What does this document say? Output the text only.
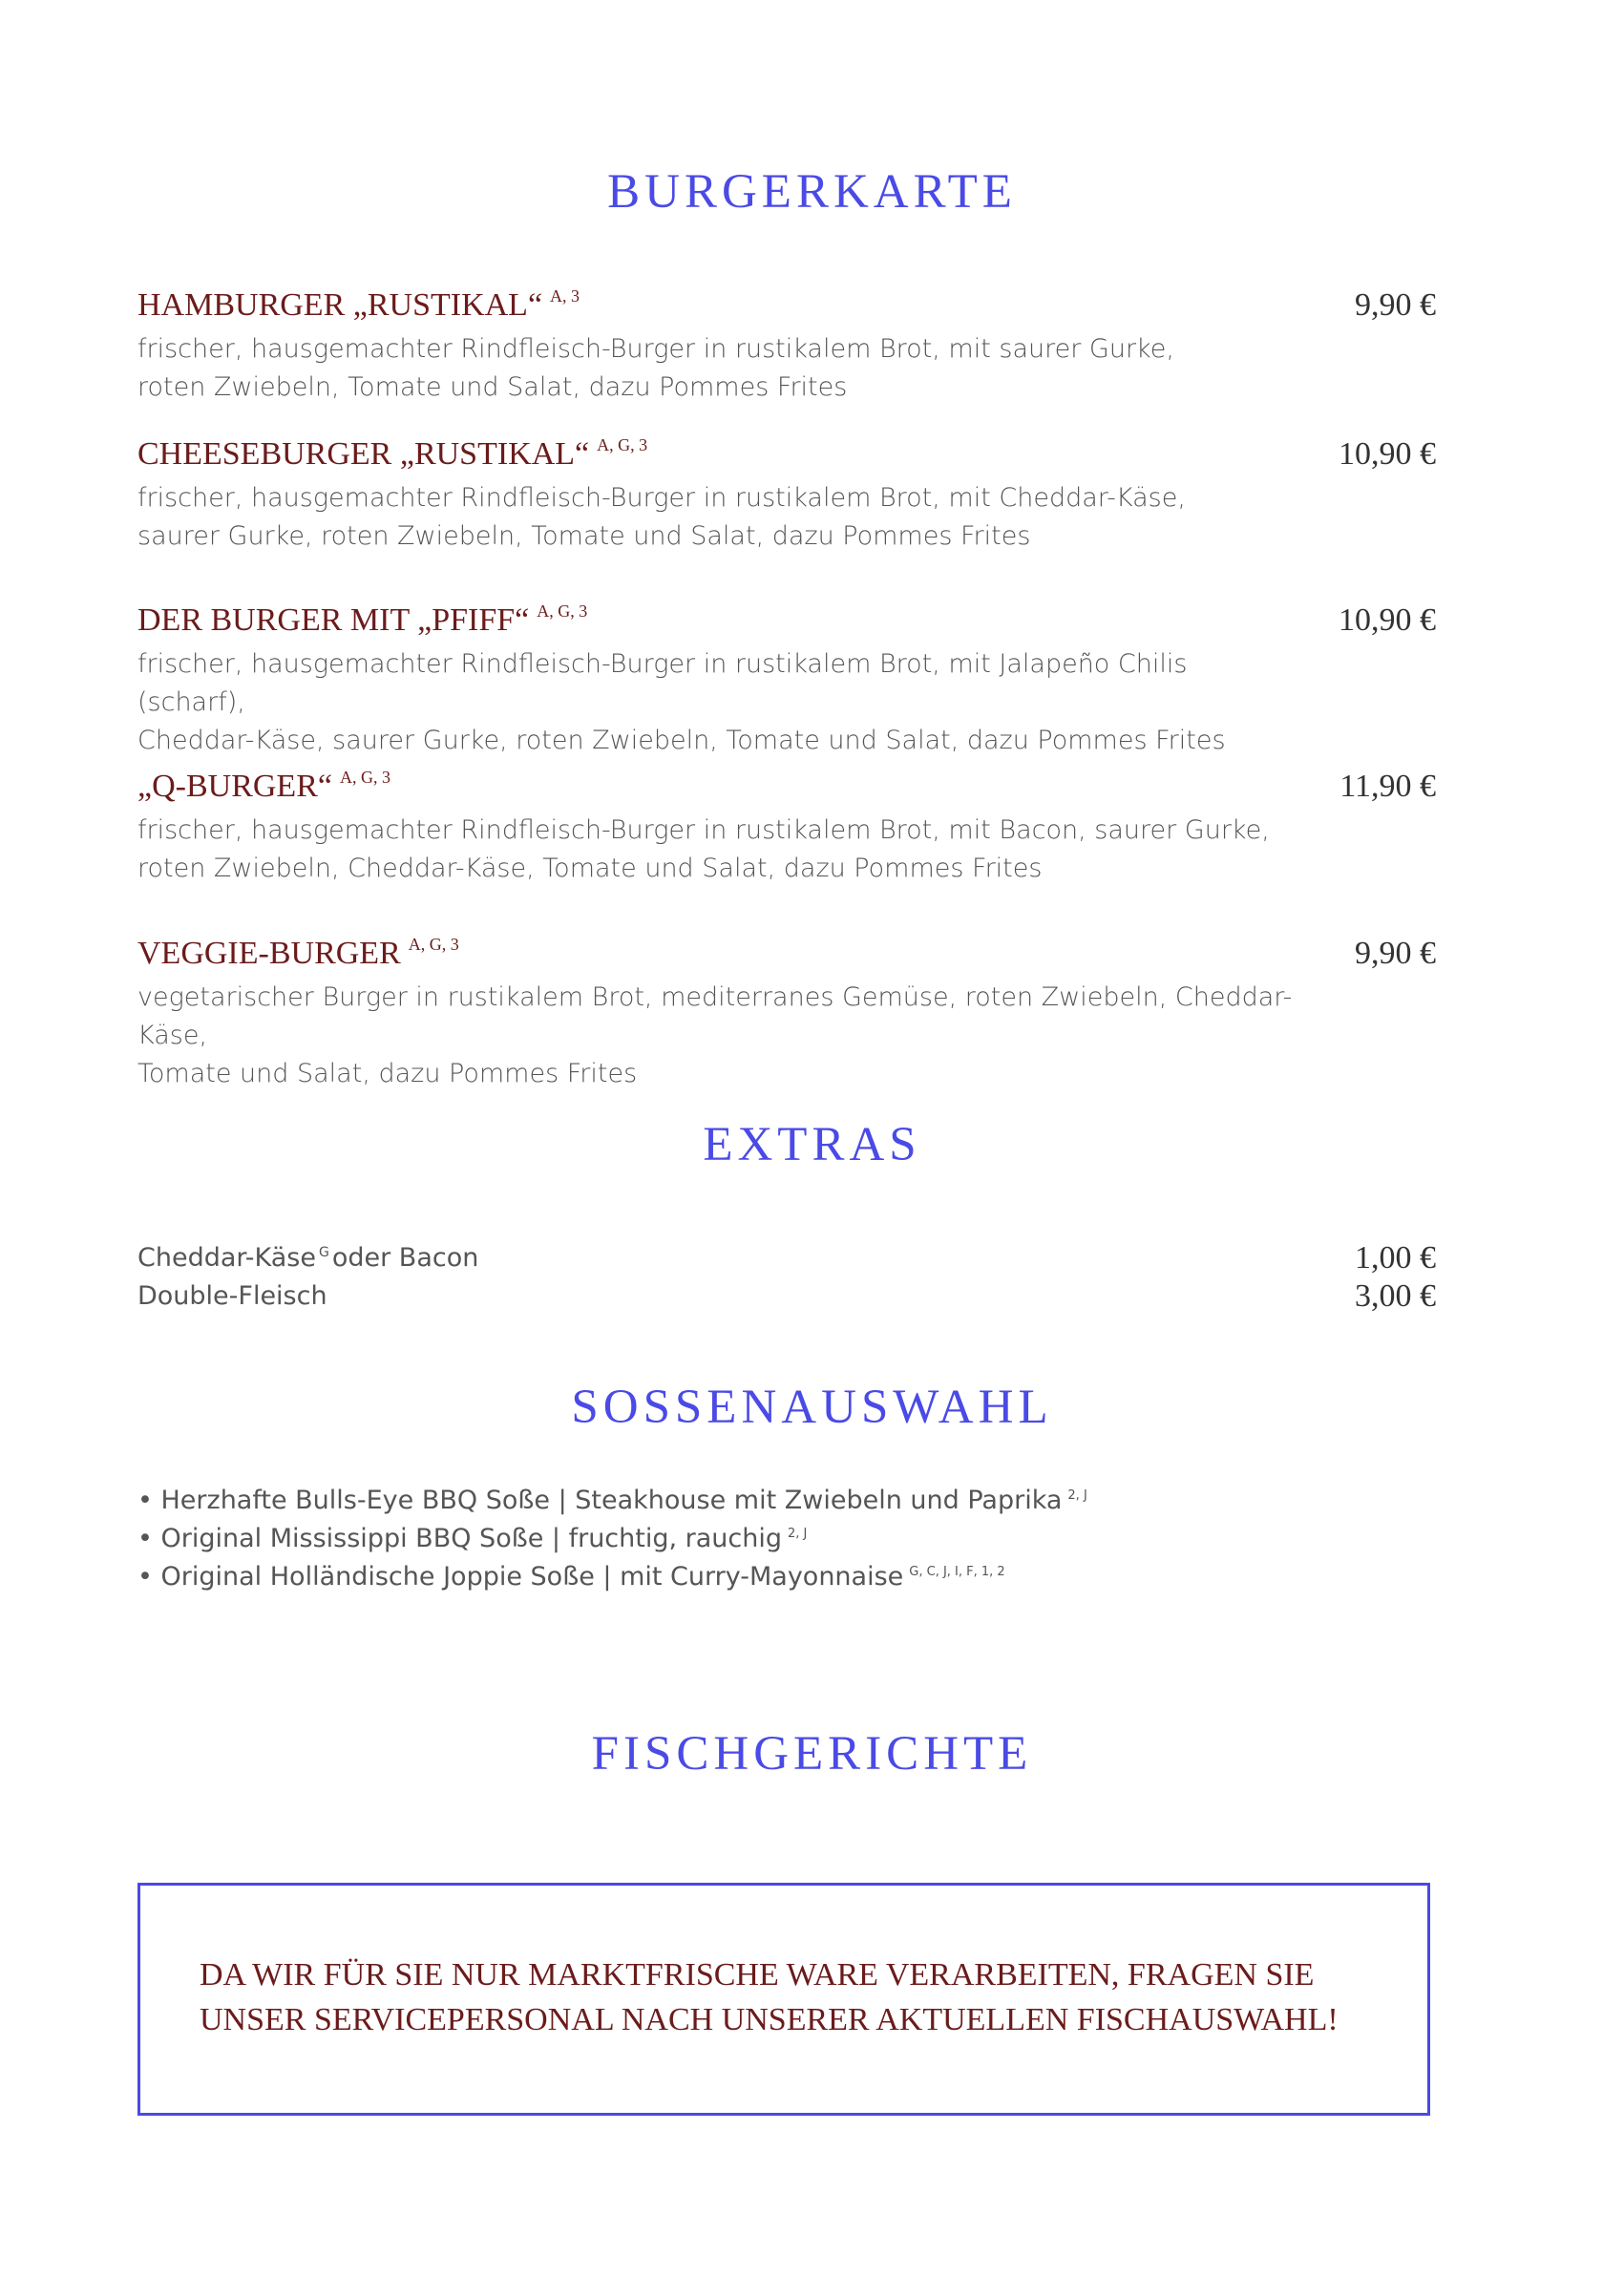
BURGERKARTE
HAMBURGER „RUSTIKAL“ $^{A, 3}$	9,90 €
frischer, hausgemachter Rindfleisch-Burger in rustikalem Brot, mit saurer Gurke,
roten Zwiebeln, Tomate und Salat, dazu Pommes Frites
CHEESEBURGER „RUSTIKAL“ $^{A, G, 3}$	10,90 €
frischer, hausgemachter Rindfleisch-Burger in rustikalem Brot, mit Cheddar-Käse,
saurer Gurke, roten Zwiebeln, Tomate und Salat, dazu Pommes Frites
DER BURGER MIT „PFIFF“ $^{A, G, 3}$	10,90 €
frischer, hausgemachter Rindfleisch-Burger in rustikalem Brot, mit Jalapeño Chilis (scharf),
Cheddar-Käse, saurer Gurke, roten Zwiebeln, Tomate und Salat, dazu Pommes Frites
„Q-BURGER“ $^{A, G, 3}$	11,90 €
frischer, hausgemachter Rindfleisch-Burger in rustikalem Brot, mit Bacon, saurer Gurke,
roten Zwiebeln, Cheddar-Käse, Tomate und Salat, dazu Pommes Frites
VEGGIE-BURGER $^{A, G, 3}$	9,90 €
vegetarischer Burger in rustikalem Brot, mediterranes Gemüse, roten Zwiebeln, Cheddar-Käse,
Tomate und Salat, dazu Pommes Frites
EXTRAS
Cheddar-Käse $^G$ oder Bacon	1,00 €
Double-Fleisch	3,00 €
SOSSENAUSWAHL
• Herzhafte Bulls-Eye BBQ Soße | Steakhouse mit Zwiebeln und Paprika $^{2, J}$
• Original Mississippi BBQ Soße | fruchtig, rauchig $^{2, J}$
• Original Holländische Joppie Soße | mit Curry-Mayonnaise $^{G, C, J, I, F, 1, 2}$
FISCHGERICHTE
DA WIR FÜR SIE NUR MARKTFRISCHE WARE VERARBEITEN, FRAGEN SIE
UNSER SERVICEPERSONAL NACH UNSERER AKTUELLEN FISCHAUSWAHL!
